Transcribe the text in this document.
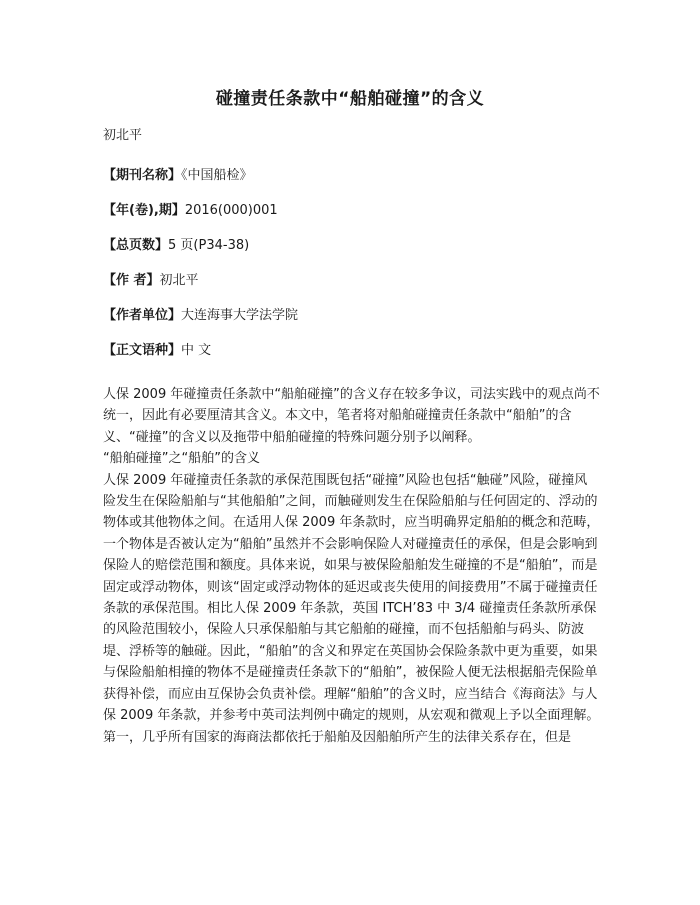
碰撞责任条款中“船舶碰撞”的含义
初北平
【期刊名称】《中国船检》
【年(卷),期】2016(000)001
【总页数】5 页(P34-38)
【作 者】初北平
【作者单位】大连海事大学法学院
【正文语种】中 文

人保 2009 年碰撞责任条款中“船舶碰撞”的含义存在较多争议，司法实践中的观点尚不统一，因此有必要厘清其含义。本文中，笔者将对船舶碰撞责任条款中“船舶”的含义、“碰撞”的含义以及拖带中船舶碰撞的特殊问题分别予以阐释。

“船舶碰撞”之“船舶”的含义

人保 2009 年碰撞责任条款的承保范围既包括“碰撞”风险也包括“触碰”风险，碰撞风险发生在保险船舶与“其他船舶”之间，而触碰则发生在保险船舶与任何固定的、浮动的物体或其他物体之间。在适用人保 2009 年条款时，应当明确界定船舶的概念和范畴，一个物体是否被认定为“船舶”虽然并不会影响保险人对碰撞责任的承保，但是会影响到保险人的赔偿范围和额度。具体来说，如果与被保险船舶发生碰撞的不是“船舶”，而是固定或浮动物体，则该“固定或浮动物体的延迟或丧失使用的间接费用”不属于碰撞责任条款的承保范围。相比人保 2009 年条款，英国 ITCH’83 中 3/4 碰撞责任条款所承保的风险范围较小，保险人只承保船舶与其它船舶的碰撞，而不包括船舶与码头、防波堤、浮桥等的触碰。因此，“船舶”的含义和界定在英国协会保险条款中更为重要，如果与保险船舶相撞的物体不是碰撞责任条款下的“船舶”，被保险人便无法根据船壳保险单获得补偿，而应由互保协会负责补偿。理解“船舶”的含义时，应当结合《海商法》与人保 2009 年条款，并参考中英司法判例中确定的规则，从宏观和微观上予以全面理解。

第一，几乎所有国家的海商法都依托于船舶及因船舶所产生的法律关系存在，但是
